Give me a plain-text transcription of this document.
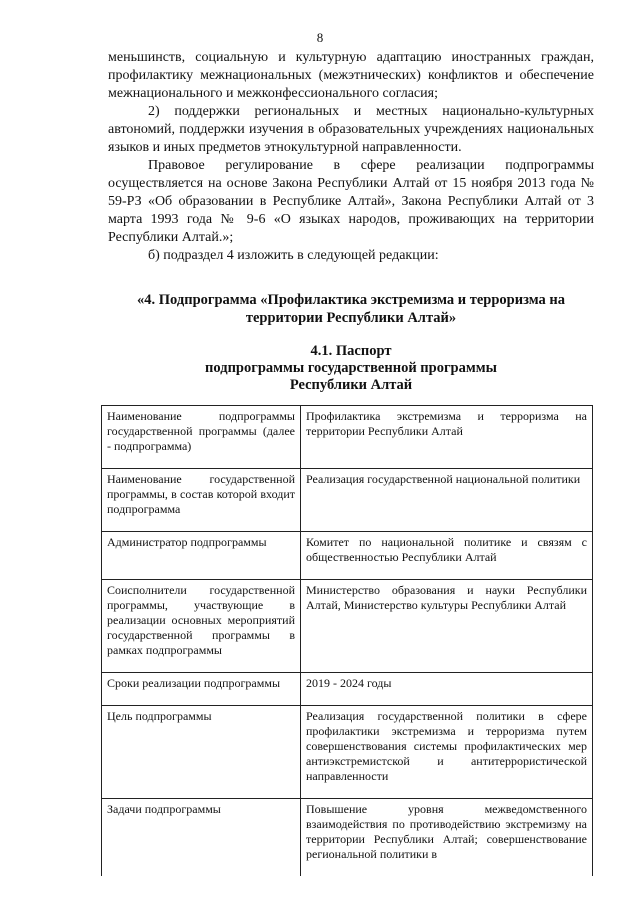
8

меньшинств, социальную и культурную адаптацию иностранных граждан, профилактику межнациональных (межэтнических) конфликтов и обеспечение межнационального и межконфессионального согласия;

2) поддержки региональных и местных национально-культурных автономий, поддержки изучения в образовательных учреждениях национальных языков и иных предметов этнокультурной направленности.

Правовое регулирование в сфере реализации подпрограммы осуществляется на основе Закона Республики Алтай от 15 ноября 2013 года № 59-РЗ «Об образовании в Республике Алтай», Закона Республики Алтай от 3 марта 1993 года № 9-6 «О языках народов, проживающих на территории Республики Алтай.»;

б) подраздел 4 изложить в следующей редакции:

«4. Подпрограмма «Профилактика экстремизма и терроризма на территории Республики Алтай»
4.1. Паспорт
подпрограммы государственной программы
Республики Алтай
Наименование подпрограммы государственной программы (далее - подпрограмма)	Профилактика экстремизма и терроризма на территории Республики Алтай
Наименование государственной программы, в состав которой входит подпрограмма	Реализация государственной национальной политики
Администратор подпрограммы	Комитет по национальной политике и связям с общественностью Республики Алтай
Соисполнители государственной программы, участвующие в реализации основных мероприятий государственной программы в рамках подпрограммы	Министерство образования и науки Республики Алтай, Министерство культуры Республики Алтай
Сроки реализации подпрограммы	2019 - 2024 годы
Цель подпрограммы	Реализация государственной политики в сфере профилактики экстремизма и терроризма путем совершенствования системы профилактических мер антиэкстремистской и антитеррористической направленности
Задачи подпрограммы	Повышение уровня межведомственного взаимодействия по противодействию экстремизму на территории Республики Алтай; совершенствование региональной политики в
